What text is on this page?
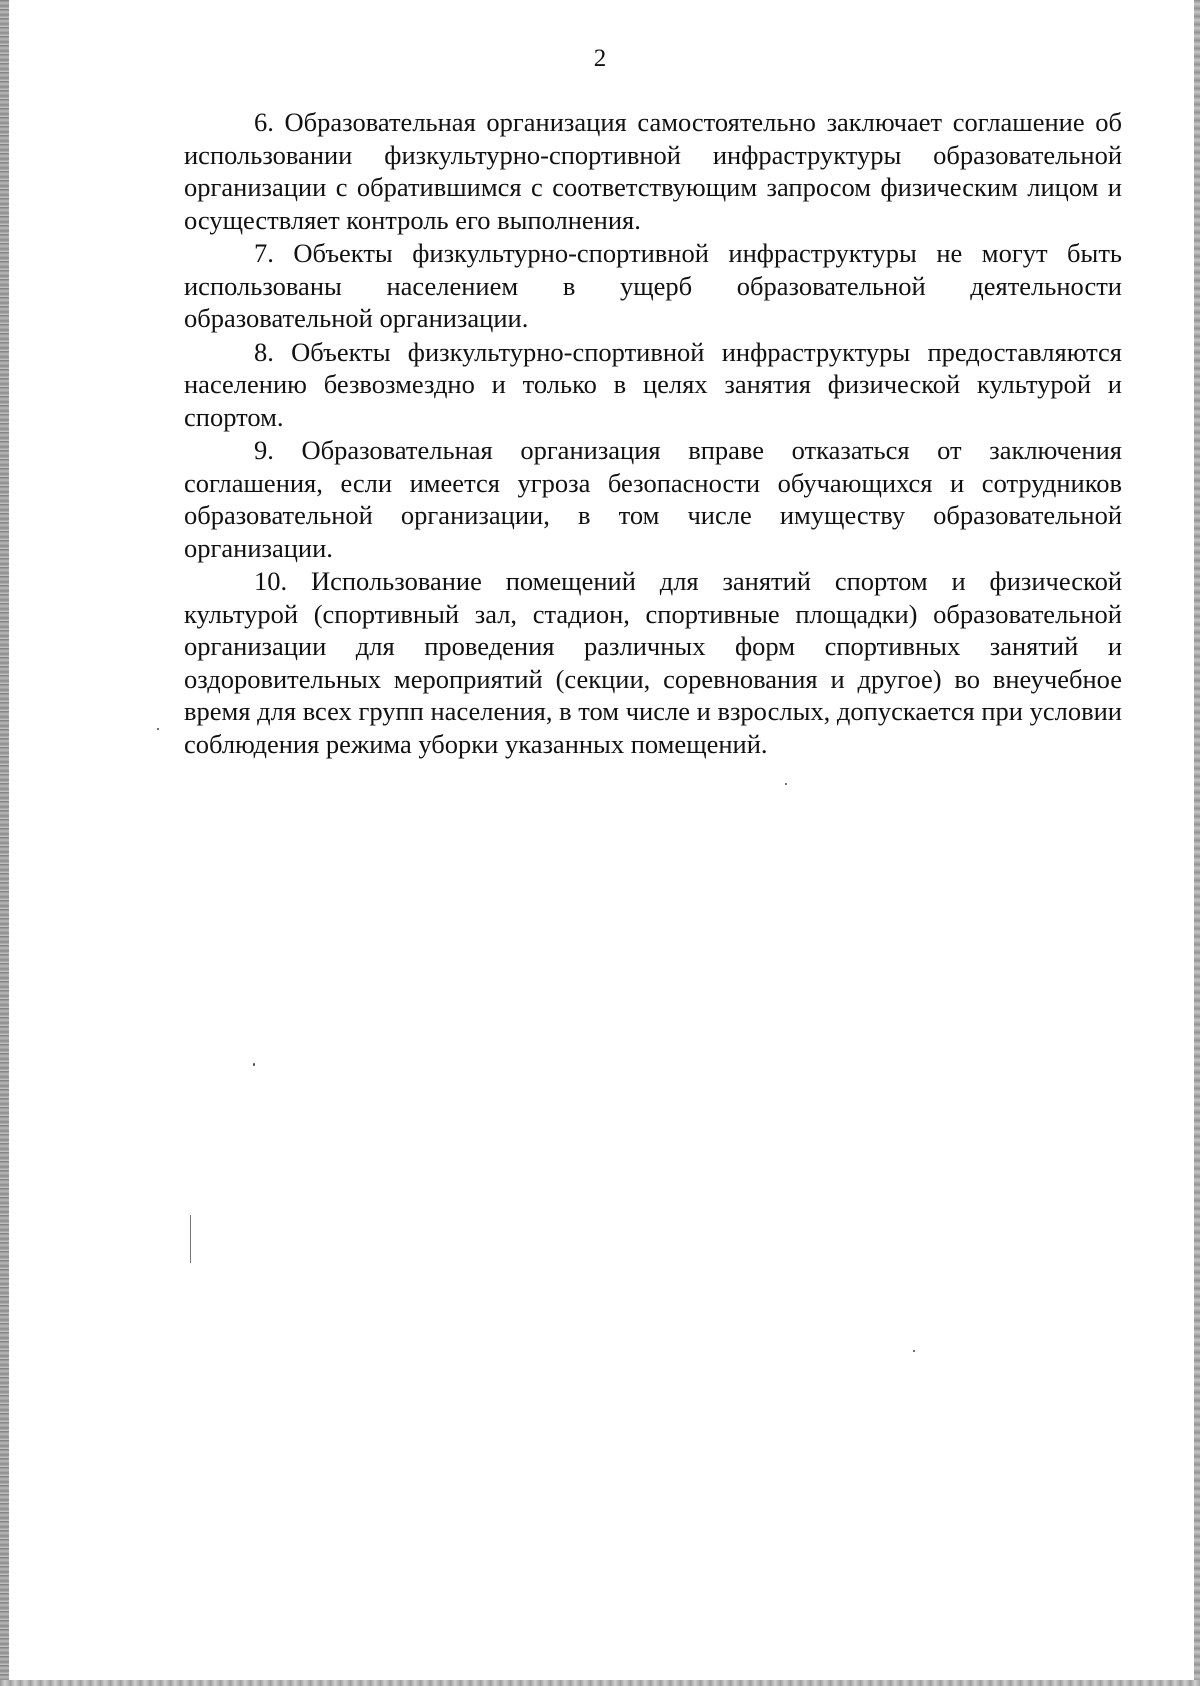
2

6. Образовательная организация самостоятельно заключает соглашение об использовании физкультурно-спортивной инфраструктуры образовательной организации с обратившимся с соответствующим запросом физическим лицом и осуществляет контроль его выполнения.

7. Объекты физкультурно-спортивной инфраструктуры не могут быть использованы населением в ущерб образовательной деятельности образовательной организации.

8. Объекты физкультурно-спортивной инфраструктуры предоставляются населению безвозмездно и только в целях занятия физической культурой и спортом.

9. Образовательная организация вправе отказаться от заключения соглашения, если имеется угроза безопасности обучающихся и сотрудников образовательной организации, в том числе имуществу образовательной организации.

10. Использование помещений для занятий спортом и физической культурой (спортивный зал, стадион, спортивные площадки) образовательной организации для проведения различных форм спортивных занятий и оздоровительных мероприятий (секции, соревнования и другое) во внеучебное время для всех групп населения, в том числе и взрослых, допускается при условии соблюдения режима уборки указанных помещений.
